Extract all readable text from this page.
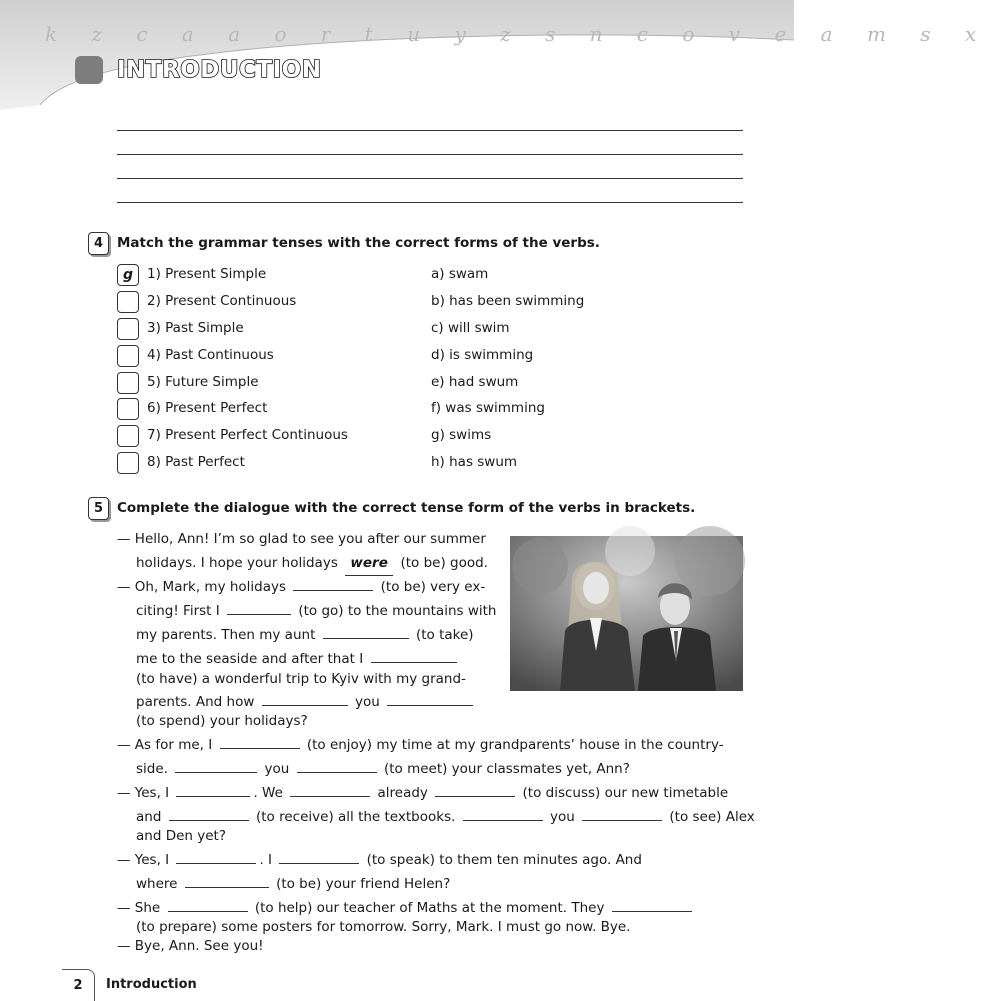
k z c a a o r t u y z s n c o v e a m s x
INTRODUCTION
4	Match the grammar tenses with the correct forms of the verbs.
g	1) Present Simple	a) swam
2) Present Continuous	b) has been swimming
3) Past Simple	c) will swim
4) Past Continuous	d) is swimming
5) Future Simple	e) had swum
6) Present Perfect	f) was swimming
7) Present Perfect Continuous	g) swims
8) Past Perfect	h) has swum
5	Complete the dialogue with the correct tense form of the verbs in brackets.
— Hello, Ann! I’m so glad to see you after our summer
holidays. I hope your holidays were (to be) good.
— Oh, Mark, my holidays	(to be) very ex-
citing! First I	(to go) to the mountains with
my parents. Then my aunt	(to take)
me to the seaside and after that I
(to have) a wonderful trip to Kyiv with my grand-
parents. And how	you
(to spend) your holidays?
— As for me, I	(to enjoy) my time at my grandparents’ house in the country-
side.	you	(to meet) your classmates yet, Ann?
— Yes, I	. We	already	(to discuss) our new timetable
and	(to receive) all the textbooks.	you	(to see) Alex
and Den yet?
— Yes, I	. I	(to speak) to them ten minutes ago. And
where	(to be) your friend Helen?
— She	(to help) our teacher of Maths at the moment. They
(to prepare) some posters for tomorrow. Sorry, Mark. I must go now. Bye.
— Bye, Ann. See you!
2	Introduction
